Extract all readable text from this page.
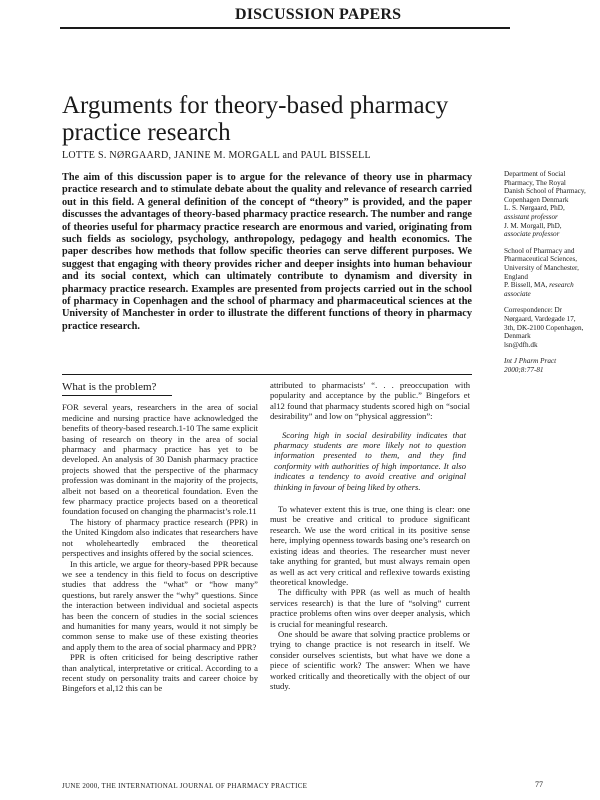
DISCUSSION PAPERS
Arguments for theory-based pharmacy practice research
LOTTE S. NØRGAARD, JANINE M. MORGALL and PAUL BISSELL

The aim of this discussion paper is to argue for the relevance of theory use in pharmacy practice research and to stimulate debate about the quality and relevance of research carried out in this field. A general definition of the concept of “theory” is provided, and the paper discusses the advantages of theory-based pharmacy practice research. The number and range of theories useful for pharmacy practice research are enormous and varied, originating from such fields as sociology, psychology, anthropology, pedagogy and health economics. The paper describes how methods that follow specific theories can serve different purposes. We suggest that engaging with theory provides richer and deeper insights into human behaviour and its social context, which can ultimately contribute to dynamism and diversity in pharmacy practice research. Examples are presented from projects carried out in the school of pharmacy in Copenhagen and the school of pharmacy and pharmaceutical sciences at the University of Manchester in order to illustrate the different functions of theory in pharmacy practice research.

Department of Social Pharmacy, The Royal Danish School of Pharmacy, Copenhagen Denmark
L. S. Nørgaard, PhD, assistant professor
J. M. Morgall, PhD, associate professor

School of Pharmacy and Pharmaceutical Sciences, University of Manchester, England
P. Bissell, MA, research associate

Correspondence: Dr Nørgaard, Vardegade 17, 3th, DK-2100 Copenhagen, Denmark
lsn@dfh.dk

Int J Pharm Pract 2000;8:77-81

What is the problem?

FOR several years, researchers in the area of social medicine and nursing practice have acknowledged the benefits of theory-based research.1-10 The same explicit basing of research on theory in the area of social pharmacy and pharmacy practice has yet to be developed. An analysis of 30 Danish pharmacy practice projects showed that the perspective of the pharmacy profession was dominant in the majority of the projects, albeit not based on a theoretical foundation. Even the few pharmacy practice projects based on a theoretical foundation focused on changing the pharmacist’s role.11

The history of pharmacy practice research (PPR) in the United Kingdom also indicates that researchers have not wholeheartedly embraced the theoretical perspectives and insights offered by the social sciences.

In this article, we argue for theory-based PPR because we see a tendency in this field to focus on descriptive studies that address the “what” or “how many” questions, but rarely answer the “why” questions. Since the interaction between individual and societal aspects has been the concern of studies in the social sciences and humanities for many years, would it not simply be common sense to make use of these existing theories and apply them to the area of social pharmacy and PPR?

PPR is often criticised for being descriptive rather than analytical, interpretative or critical. According to a recent study on personality traits and career choice by Bingefors et al,12 this can be

attributed to pharmacists’ “. . . preoccupation with popularity and acceptance by the public.” Bingefors et al12 found that pharmacy students scored high on “social desirability” and low on “physical aggression”:

Scoring high in social desirability indicates that pharmacy students are more likely not to question information presented to them, and they find conformity with authorities of high importance. It also indicates a tendency to avoid creative and original thinking in favour of being liked by others.

To whatever extent this is true, one thing is clear: one must be creative and critical to produce significant research. We use the word critical in its positive sense here, implying openness towards basing one’s research on existing ideas and theories. The researcher must never take anything for granted, but must always remain open as well as act very critical and reflexive towards existing theoretical knowledge.

The difficulty with PPR (as well as much of health services research) is that the lure of “solving” current practice problems often wins over deeper analysis, which is crucial for meaningful research.

One should be aware that solving practice problems or trying to change practice is not research in itself. We consider ourselves scientists, but what have we done a piece of scientific work? The answer: When we have worked critically and theoretically with the object of our study.

JUNE 2000, THE INTERNATIONAL JOURNAL OF PHARMACY PRACTICE	77
